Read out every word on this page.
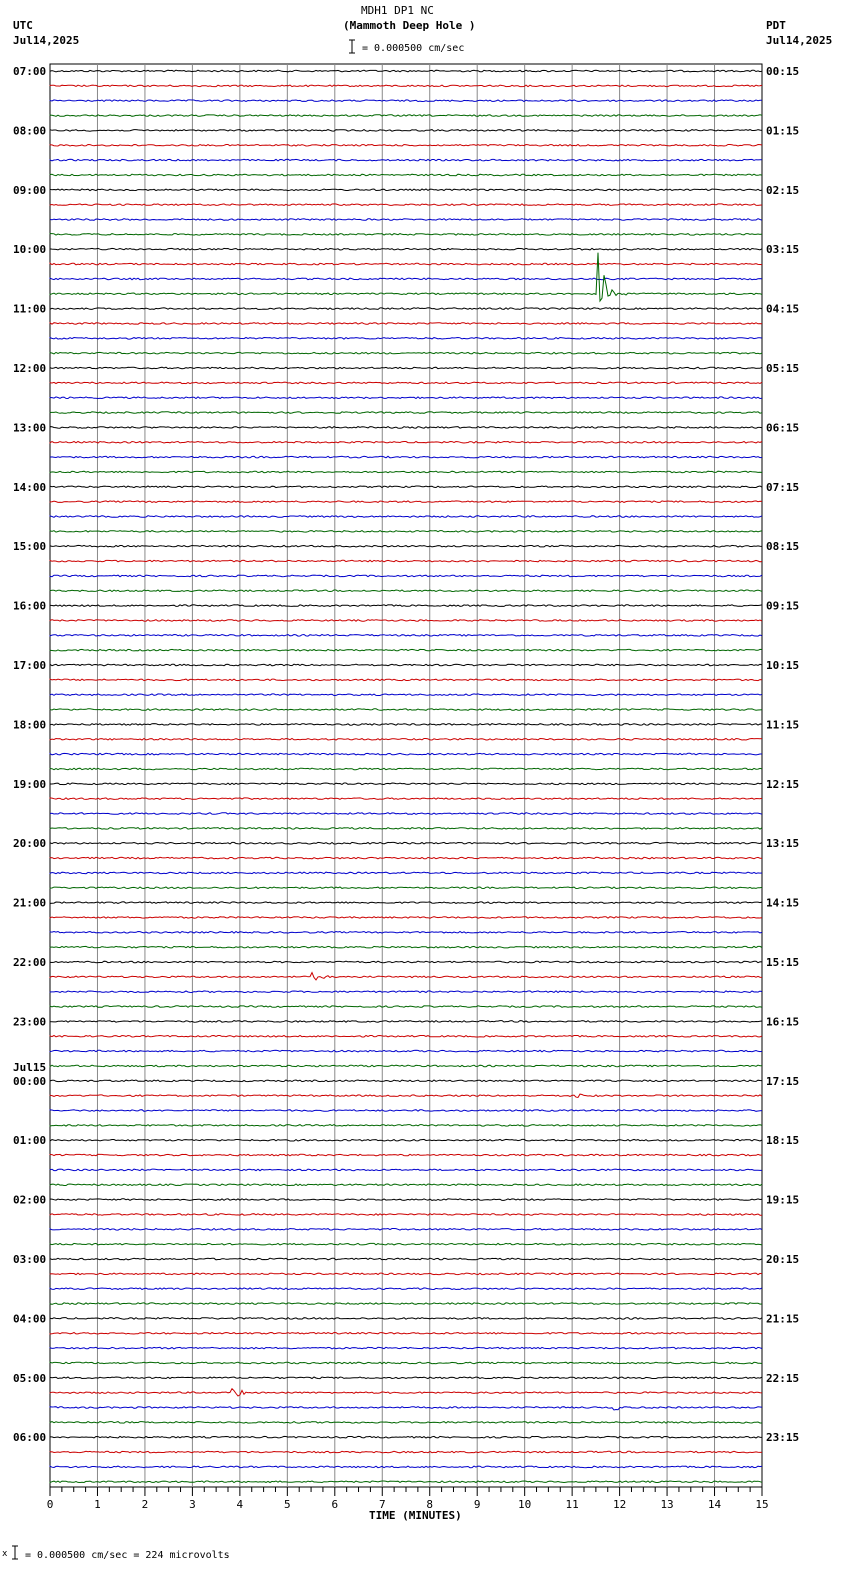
MDH1 DP1 NC
(Mammoth Deep Hole )
= 0.000500 cm/sec
UTC
Jul14,2025
PDT
Jul14,2025
07:00
08:00
09:00
10:00
11:00
12:00
13:00
14:00
15:00
16:00
17:00
18:00
19:00
20:00
21:00
22:00
23:00
Jul15
00:00
01:00
02:00
03:00
04:00
05:00
06:00
00:15
01:15
02:15
03:15
04:15
05:15
06:15
07:15
08:15
09:15
10:15
11:15
12:15
13:15
14:15
15:15
16:15
17:15
18:15
19:15
20:15
21:15
22:15
23:15
0	1	2	3	4	5	6	7	8	9	10	11	12	13	14	15
TIME (MINUTES)
x = 0.000500 cm/sec = 224 microvolts
